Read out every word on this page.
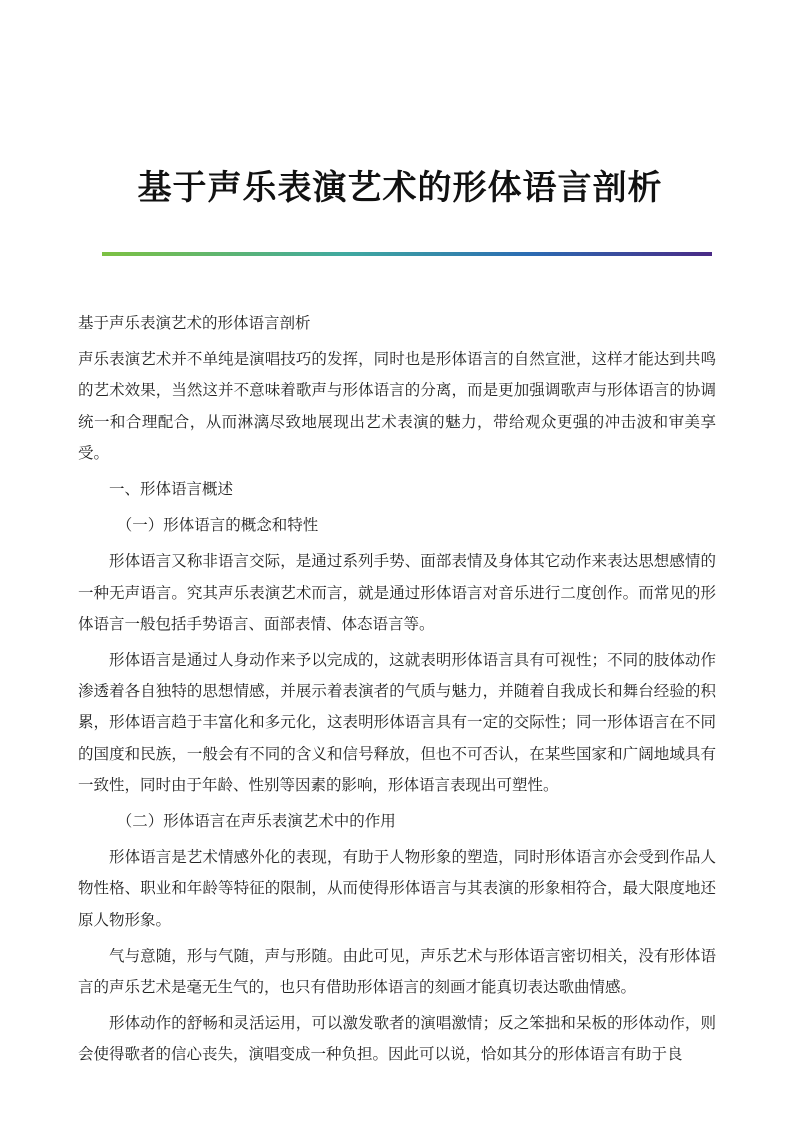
基于声乐表演艺术的形体语言剖析

基于声乐表演艺术的形体语言剖析

声乐表演艺术并不单纯是演唱技巧的发挥，同时也是形体语言的自然宣泄，这样才能达到共鸣的艺术效果，当然这并不意味着歌声与形体语言的分离，而是更加强调歌声与形体语言的协调统一和合理配合，从而淋漓尽致地展现出艺术表演的魅力，带给观众更强的冲击波和审美享受。

一、形体语言概述

（一）形体语言的概念和特性

形体语言又称非语言交际，是通过系列手势、面部表情及身体其它动作来表达思想感情的一种无声语言。究其声乐表演艺术而言，就是通过形体语言对音乐进行二度创作。而常见的形体语言一般包括手势语言、面部表情、体态语言等。

形体语言是通过人身动作来予以完成的，这就表明形体语言具有可视性；不同的肢体动作渗透着各自独特的思想情感，并展示着表演者的气质与魅力，并随着自我成长和舞台经验的积累，形体语言趋于丰富化和多元化，这表明形体语言具有一定的交际性；同一形体语言在不同的国度和民族，一般会有不同的含义和信号释放，但也不可否认，在某些国家和广阔地域具有一致性，同时由于年龄、性别等因素的影响，形体语言表现出可塑性。

（二）形体语言在声乐表演艺术中的作用

形体语言是艺术情感外化的表现，有助于人物形象的塑造，同时形体语言亦会受到作品人物性格、职业和年龄等特征的限制，从而使得形体语言与其表演的形象相符合，最大限度地还原人物形象。

气与意随，形与气随，声与形随。由此可见，声乐艺术与形体语言密切相关，没有形体语言的声乐艺术是毫无生气的，也只有借助形体语言的刻画才能真切表达歌曲情感。

形体动作的舒畅和灵活运用，可以激发歌者的演唱激情；反之笨拙和呆板的形体动作，则会使得歌者的信心丧失，演唱变成一种负担。因此可以说，恰如其分的形体语言有助于良
